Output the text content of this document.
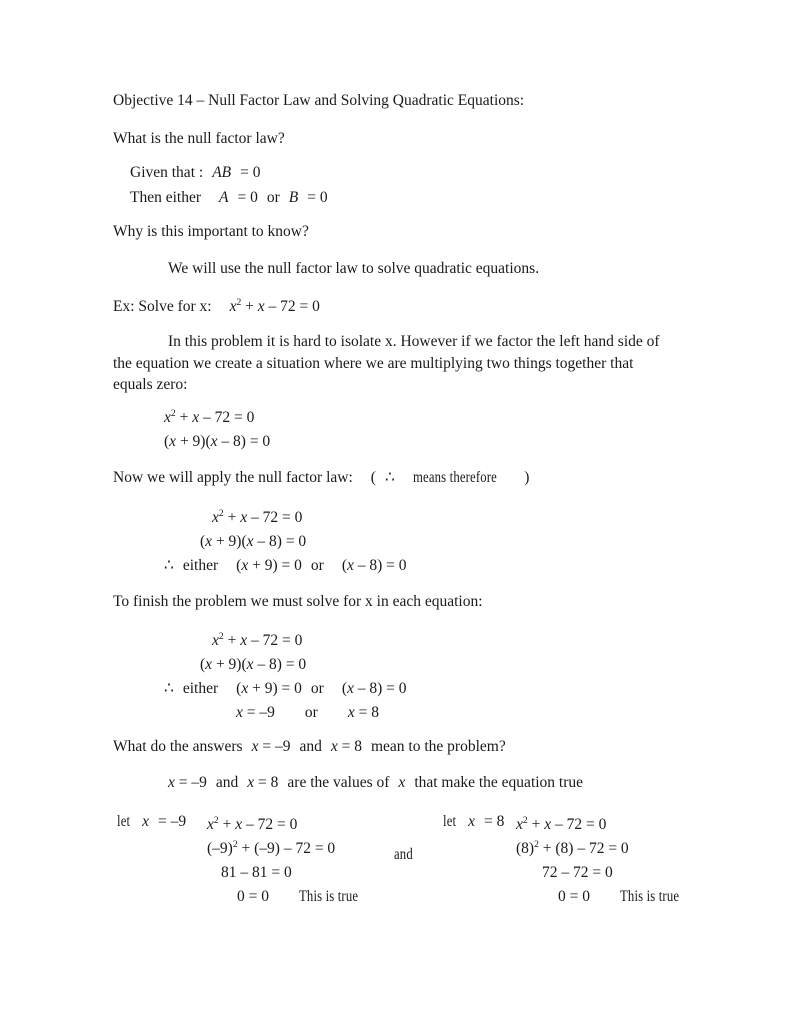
Objective 14 – Null Factor Law and Solving Quadratic Equations:
What is the null factor law?
Given that : AB = 0
Then either A = 0 or B = 0
Why is this important to know?
We will use the null factor law to solve quadratic equations.
Ex: Solve for x: $x^2 + x - 72 = 0$
In this problem it is hard to isolate x. However if we factor the left hand side of the equation we create a situation where we are multiplying two things together that equals zero:
$x^2 + x - 72 = 0$
(x + 9)(x – 8) = 0
Now we will apply the null factor law: ( ∴ means therefore )
$x^2 + x - 72 = 0$
(x + 9)(x – 8) = 0
∴ either (x + 9) = 0 or (x – 8) = 0
To finish the problem we must solve for x in each equation:
$x^2 + x - 72 = 0$
(x + 9)(x – 8) = 0
∴ either (x + 9) = 0 or (x – 8) = 0
x = –9 or x = 8
What do the answers x = –9 and x = 8 mean to the problem?
x = –9 and x = 8 are the values of x that make the equation true
let x = –9 $x^2 + x - 72 = 0$
$(-9)^2 + (-9) - 72 = 0$
81 – 81 = 0
0 = 0 This is true
and
let x = 8 $x^2 + x - 72 = 0$
$(8)^2 + (8) - 72 = 0$
72 – 72 = 0
0 = 0 This is true
